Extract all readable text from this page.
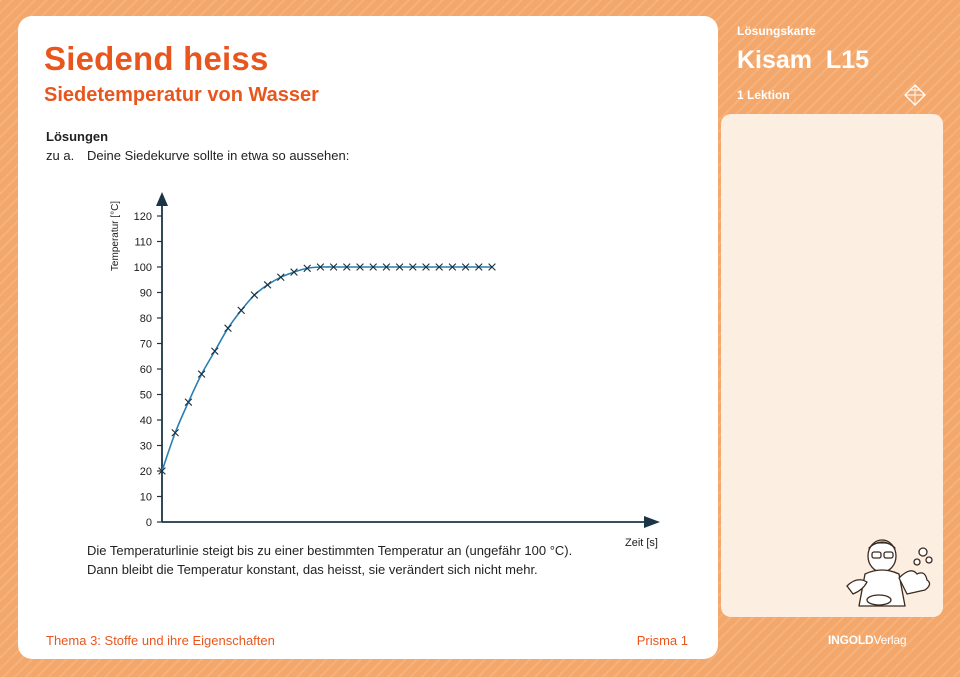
Siedend heiss
Siedetemperatur von Wasser
Lösungen
zu a. Deine Siedekurve sollte in etwa so aussehen:
0
10
20
30
40
50
60
70
80
90
100
110
120
Temperatur [°C]
Zeit [s]
Die Temperaturlinie steigt bis zu einer bestimmten Temperatur an (ungefähr 100 °C).
Dann bleibt die Temperatur konstant, das heisst, sie verändert sich nicht mehr.
Thema 3: Stoffe und ihre Eigenschaften	Prisma 1
Lösungskarte
Kisam  L15
1 Lektion
INGOLDVerlag
